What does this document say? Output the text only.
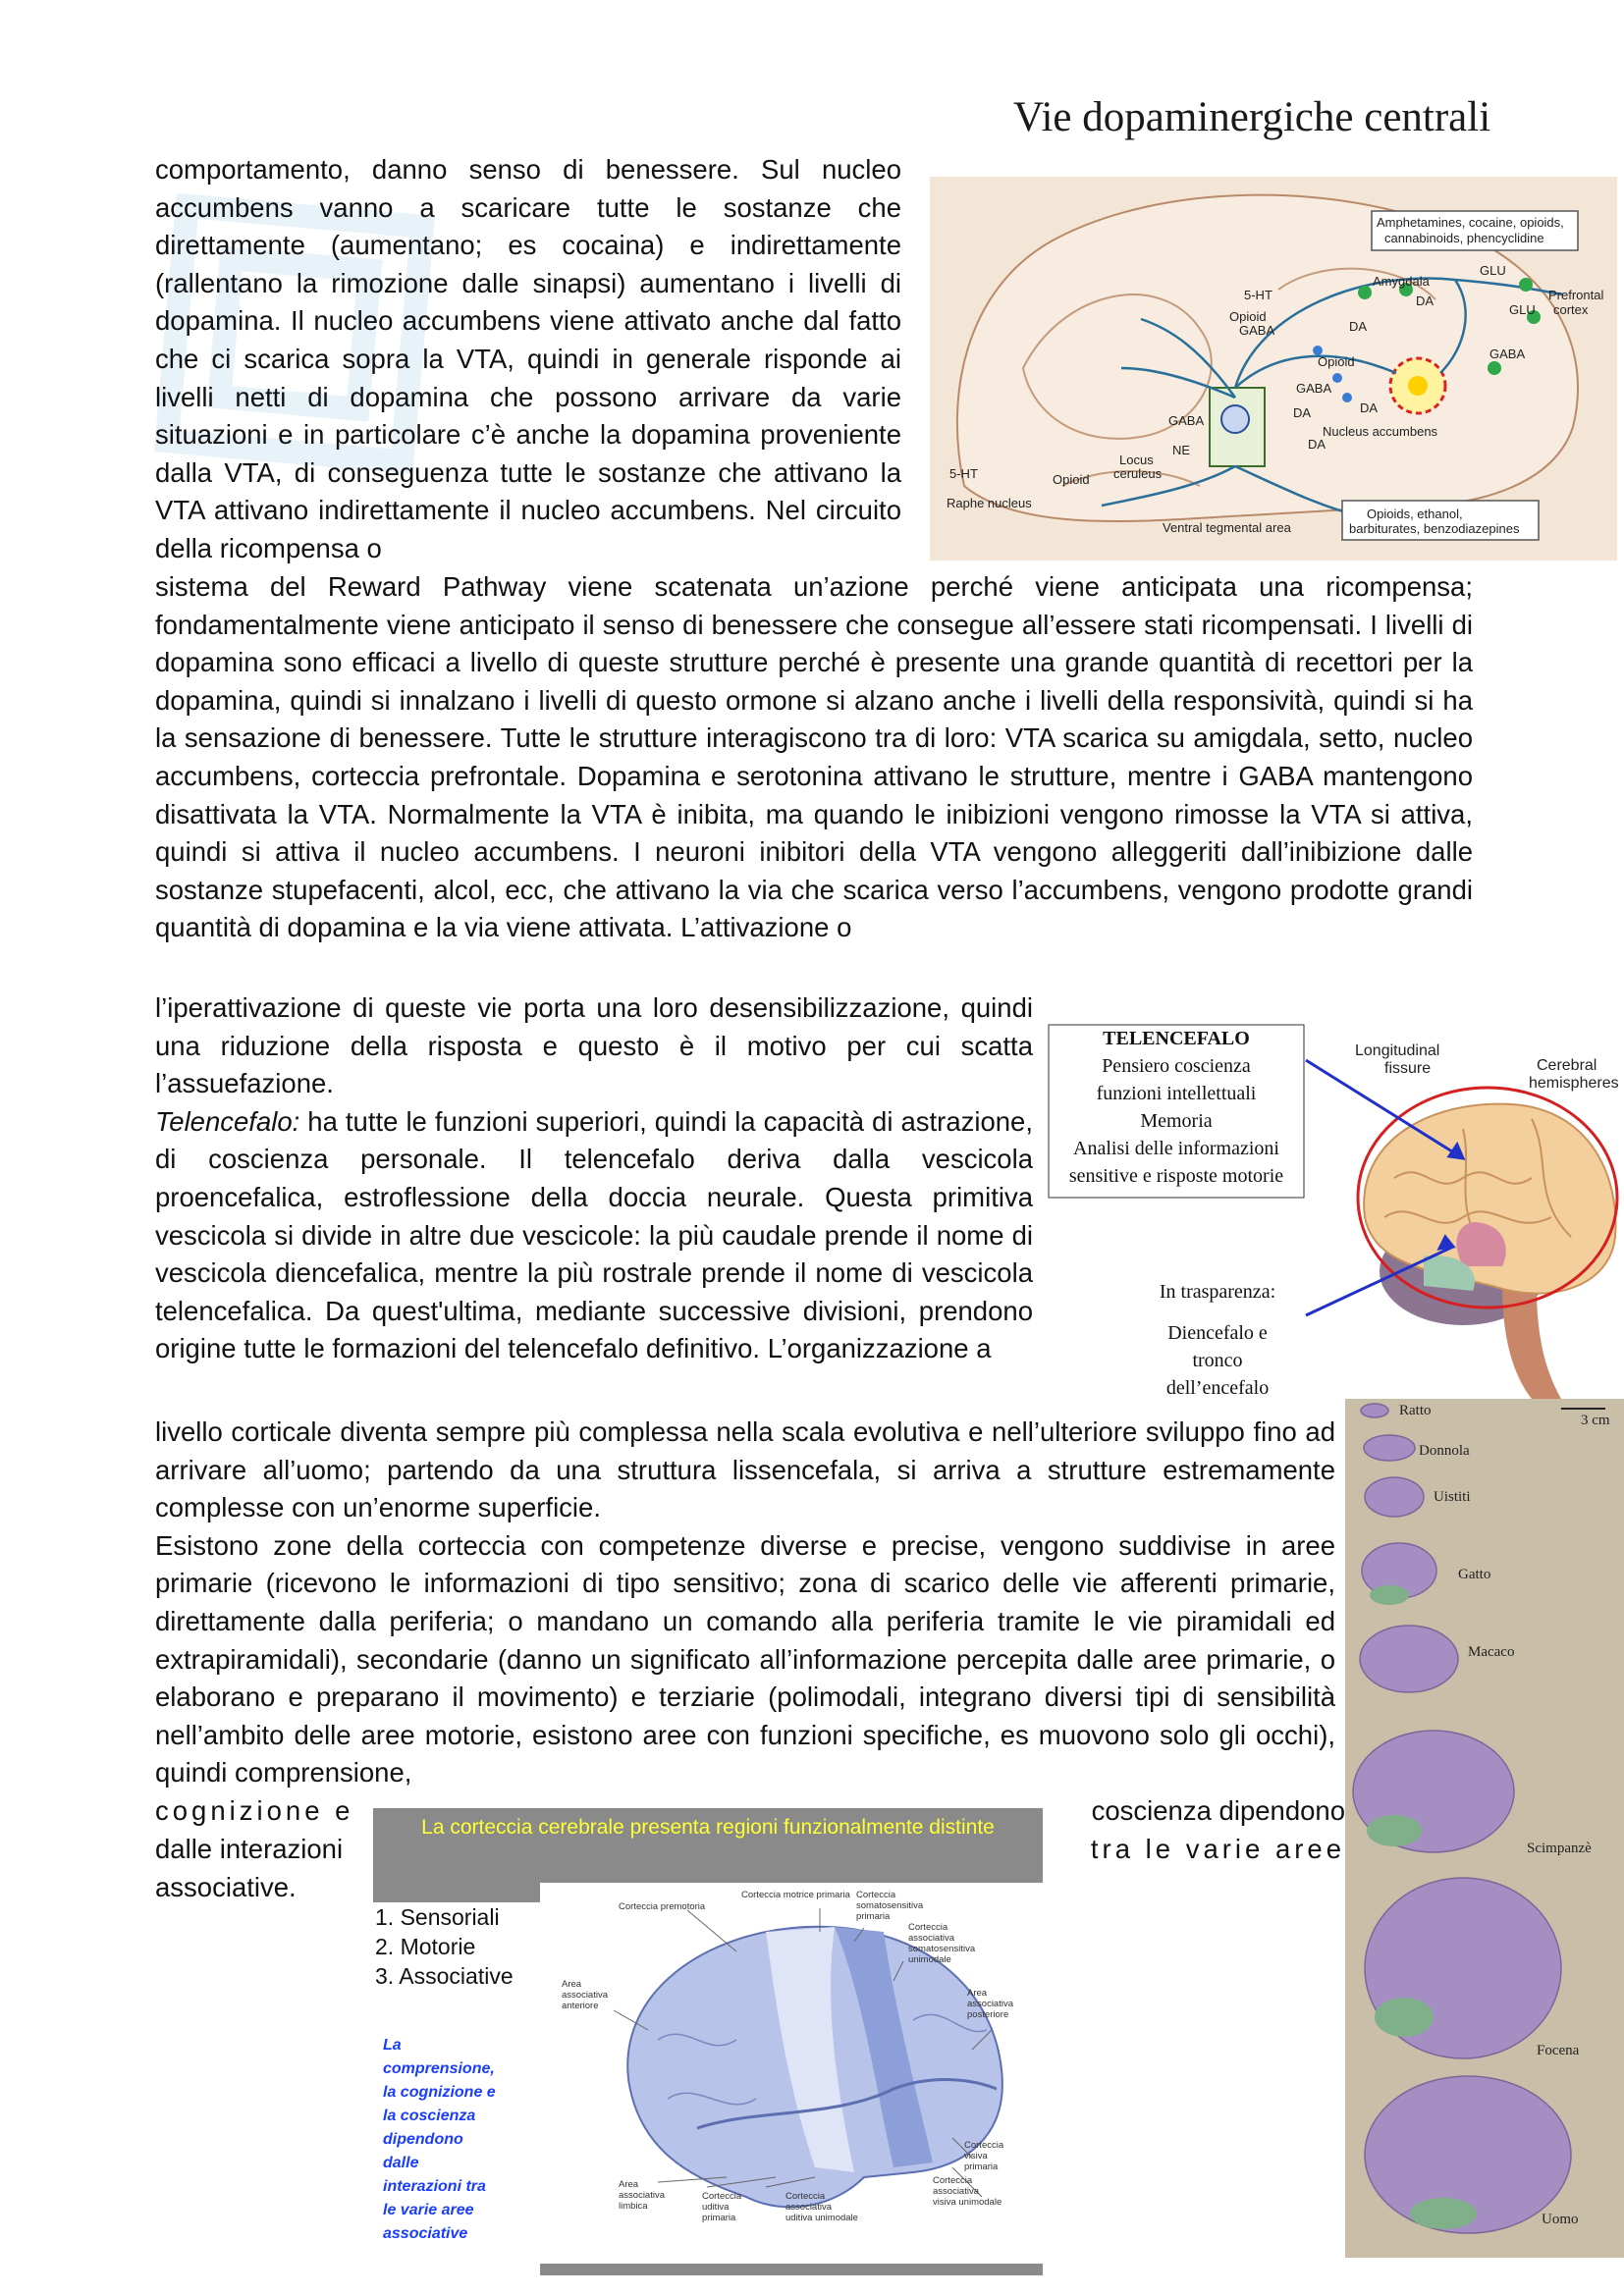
Vie dopaminergiche centrali
Amphetamines, cocaine, opioids,
cannabinoids, phencyclidine
GLU
GLU
Prefrontal
cortex
5-HT
Opioid
GABA
Amygdala
DA
DA
GABA
Opioid
GABA
DA
DA
Nucleus accumbens
DA
GABA
NE
Locus
ceruleus
5-HT
Raphe nucleus
Opioid
Ventral tegmental area
Opioids, ethanol,
barbiturates, benzodiazepines

comportamento, danno senso di benessere. Sul nucleo accumbens vanno a scaricare tutte le sostanze che direttamente (aumentano; es cocaina) e indirettamente (rallentano la rimozione dalle sinapsi) aumentano i livelli di dopamina. Il nucleo accumbens viene attivato anche dal fatto che ci scarica sopra la VTA, quindi in generale risponde ai livelli netti di dopamina che possono arrivare da varie situazioni e in particolare c’è anche la dopamina proveniente dalla VTA, di conseguenza tutte le sostanze che attivano la VTA attivano indirettamente il nucleo accumbens. Nel circuito della ricompensa o

sistema del Reward Pathway viene scatenata un’azione perché viene anticipata una ricompensa; fondamentalmente viene anticipato il senso di benessere che consegue all’essere stati ricompensati. I livelli di dopamina sono efficaci a livello di queste strutture perché è presente una grande quantità di recettori per la dopamina, quindi si innalzano i livelli di questo ormone si alzano anche i livelli della responsività, quindi si ha la sensazione di benessere. Tutte le strutture interagiscono tra di loro: VTA scarica su amigdala, setto, nucleo accumbens, corteccia prefrontale. Dopamina e serotonina attivano le strutture, mentre i GABA mantengono disattivata la VTA. Normalmente la VTA è inibita, ma quando le inibizioni vengono rimosse la VTA si attiva, quindi si attiva il nucleo accumbens. I neuroni inibitori della VTA vengono alleggeriti dall’inibizione dalle sostanze stupefacenti, alcol, ecc, che attivano la via che scarica verso l’accumbens, vengono prodotte grandi quantità di dopamina e la via viene attivata. L’attivazione o

Longitudinal
fissure	Cerebral
hemispheres
TELENCEFALO
Pensiero coscienza
funzioni intellettuali
Memoria
Analisi delle informazioni
sensitive e risposte motorie
In trasparenza:
Diencefalo e
tronco
dell’encefalo

l’iperattivazione di queste vie porta una loro desensibilizzazione, quindi una riduzione della risposta e questo è il motivo per cui scatta l’assuefazione.

Telencefalo: ha tutte le funzioni superiori, quindi la capacità di astrazione, di coscienza personale. Il telencefalo deriva dalla vescicola proencefalica, estroflessione della doccia neurale. Questa primitiva vescicola si divide in altre due vescicole: la più caudale prende il nome di vescicola diencefalica, mentre la più rostrale prende il nome di vescicola telencefalica. Da quest'ultima, mediante successive divisioni, prendono origine tutte le formazioni del telencefalo definitivo. L’organizzazione a

3 cm
Ratto
Donnola
Uistiti
Gatto
Macaco
Scimpanzè
Focena
Uomo

livello corticale diventa sempre più complessa nella scala evolutiva e nell’ulteriore sviluppo fino ad arrivare all’uomo; partendo da una struttura lissencefala, si arriva a strutture estremamente complesse con un’enorme superficie.

Esistono zone della corteccia con competenze diverse e precise, vengono suddivise in aree primarie (ricevono le informazioni di tipo sensitivo; zona di scarico delle vie afferenti primarie, direttamente dalla periferia; o mandano un comando alla periferia tramite le vie piramidali ed extrapiramidali), secondarie (danno un significato all’informazione percepita dalle aree primarie, o elaborano e preparano il movimento) e terziarie (polimodali, integrano diversi tipi di sensibilità nell’ambito delle aree motorie, esistono aree con funzioni specifiche, es muovono solo gli occhi), quindi comprensione,

cognizione e	coscienza dipendono
dalle interazioni	tra le varie aree
associative.
La corteccia cerebrale presenta regioni funzionalmente distinte
1. Sensoriali
2. Motorie
3. Associative
La
comprensione,
la cognizione e
la coscienza
dipendono
dalle
interazioni tra
le varie aree
associative
Corteccia motrice primaria Corteccia
somatosensitiva
primaria
Corteccia premotoria
Corteccia
associativa
somatosensitiva
unimodale
Area
associativa
anteriore
Area
associativa
posteriore
Corteccia
visiva
primaria
Area
associativa
limbica
Corteccia
uditiva
primaria
Corteccia
associativa
uditiva unimodale
Corteccia
associativa
visiva unimodale
